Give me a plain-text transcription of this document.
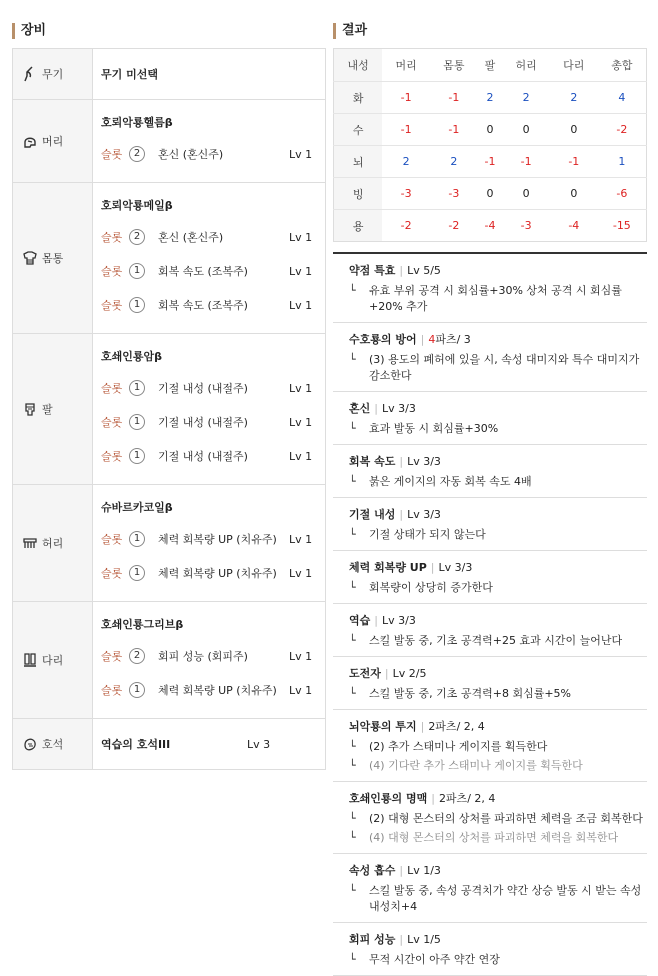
장비	결과
무기	무기 미선택
머리
호뢰악룡헬름β
슬롯	2	혼신 (혼신주)	Lv 1
몸통
호뢰악룡메일β
슬롯	2	혼신 (혼신주)	Lv 1
슬롯	1	회복 속도 (조복주)	Lv 1
슬롯	1	회복 속도 (조복주)	Lv 1
팔
호쇄인룡암β
슬롯	1	기절 내성 (내절주)	Lv 1
슬롯	1	기절 내성 (내절주)	Lv 1
슬롯	1	기절 내성 (내절주)	Lv 1
허리
슈바르카코일β
슬롯	1	체력 회복량 UP (치유주)	Lv 1
슬롯	1	체력 회복량 UP (치유주)	Lv 1
다리
호쇄인룡그리브β
슬롯	2	회피 성능 (회피주)	Lv 1
슬롯	1	체력 회복량 UP (치유주)	Lv 1
호석	역습의 호석III	Lv 3
내성	머리	몸통	팔	허리	다리	총합
화	-1	-1	2	2	2	4
수	-1	-1	0	0	0	-2
뇌	2	2	-1	-1	-1	1
빙	-3	-3	0	0	0	-6
용	-2	-2	-4	-3	-4	-15
약점 특효 | Lv 5/5
└	유효 부위 공격 시 회심률+30% 상처 공격 시 회심률+20% 추가
수호룡의 방어 | 4파츠/ 3
└	(3) 용도의 폐허에 있을 시, 속성 대미지와 특수 대미지가 감소한다
혼신 | Lv 3/3
└	효과 발동 시 회심률+30%
회복 속도 | Lv 3/3
└	붉은 게이지의 자동 회복 속도 4배
기절 내성 | Lv 3/3
└	기절 상태가 되지 않는다
체력 회복량 UP | Lv 3/3
└	회복량이 상당히 증가한다
역습 | Lv 3/3
└	스킬 발동 중, 기초 공격력+25 효과 시간이 늘어난다
도전자 | Lv 2/5
└	스킬 발동 중, 기초 공격력+8 회심률+5%
뇌악룡의 투지 | 2파츠/ 2, 4
└	(2) 추가 스태미나 게이지를 획득한다
└	(4) 기다란 추가 스태미나 게이지를 획득한다
호쇄인룡의 명맥 | 2파츠/ 2, 4
└	(2) 대형 몬스터의 상처를 파괴하면 체력을 조금 회복한다
└	(4) 대형 몬스터의 상처를 파괴하면 체력을 회복한다
속성 흡수 | Lv 1/3
└	스킬 발동 중, 속성 공격치가 약간 상승 발동 시 받는 속성 내성치+4
회피 성능 | Lv 1/5
└	무적 시간이 아주 약간 연장
